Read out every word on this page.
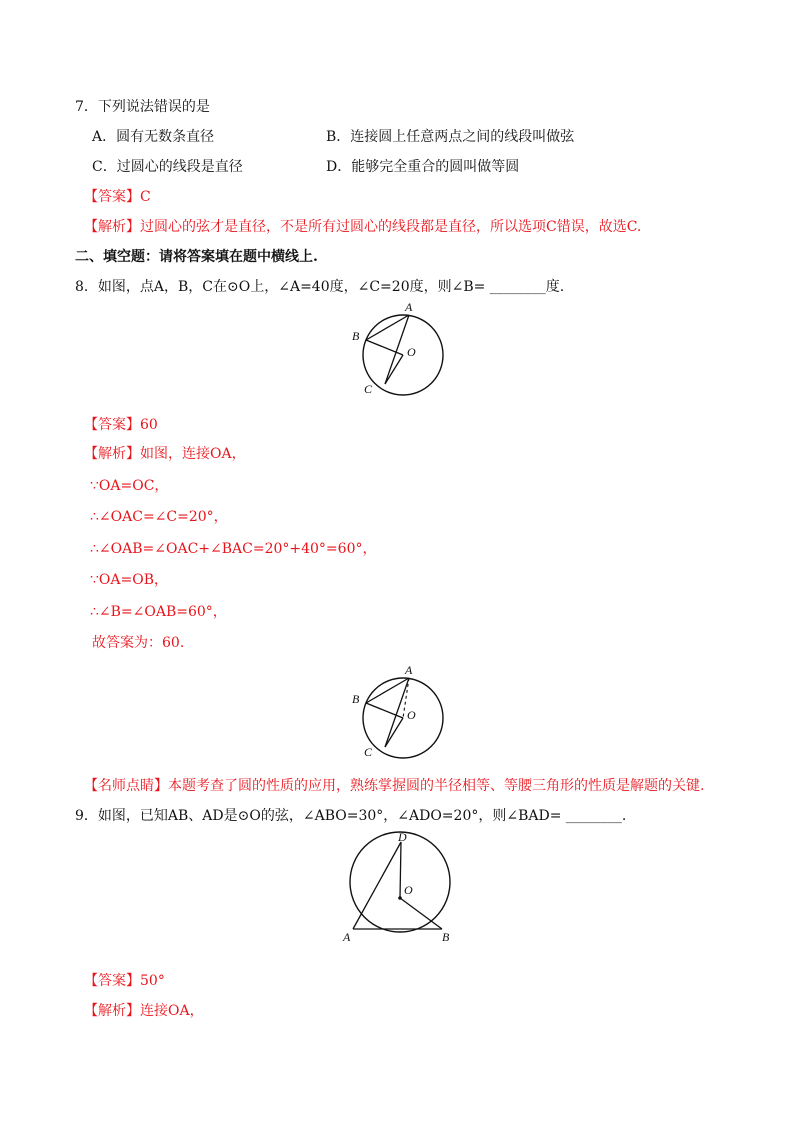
7．下列说法错误的是
A．圆有无数条直径	B．连接圆上任意两点之间的线段叫做弦
C．过圆心的线段是直径	D．能够完全重合的圆叫做等圆
【答案】C
【解析】过圆心的弦才是直径，不是所有过圆心的线段都是直径，所以选项C错误，故选C.
二、填空题：请将答案填在题中横线上.
8．如图，点A，B，C在⊙O上，∠A=40度，∠C=20度，则∠B= ________度.
A
B
C
O
【答案】60
【解析】如图，连接OA，
∵OA=OC，
∴∠OAC=∠C=20°，
∴∠OAB=∠OAC+∠BAC=20°+40°=60°，
∵OA=OB，
∴∠B=∠OAB=60°，
故答案为：60.
A
B
C
O
【名师点睛】本题考查了圆的性质的应用，熟练掌握圆的半径相等、等腰三角形的性质是解题的关键.
9．如图，已知AB、AD是⊙O的弦，∠ABO=30°，∠ADO=20°，则∠BAD= ________.
D
O
A	B
【答案】50°
【解析】连接OA，
